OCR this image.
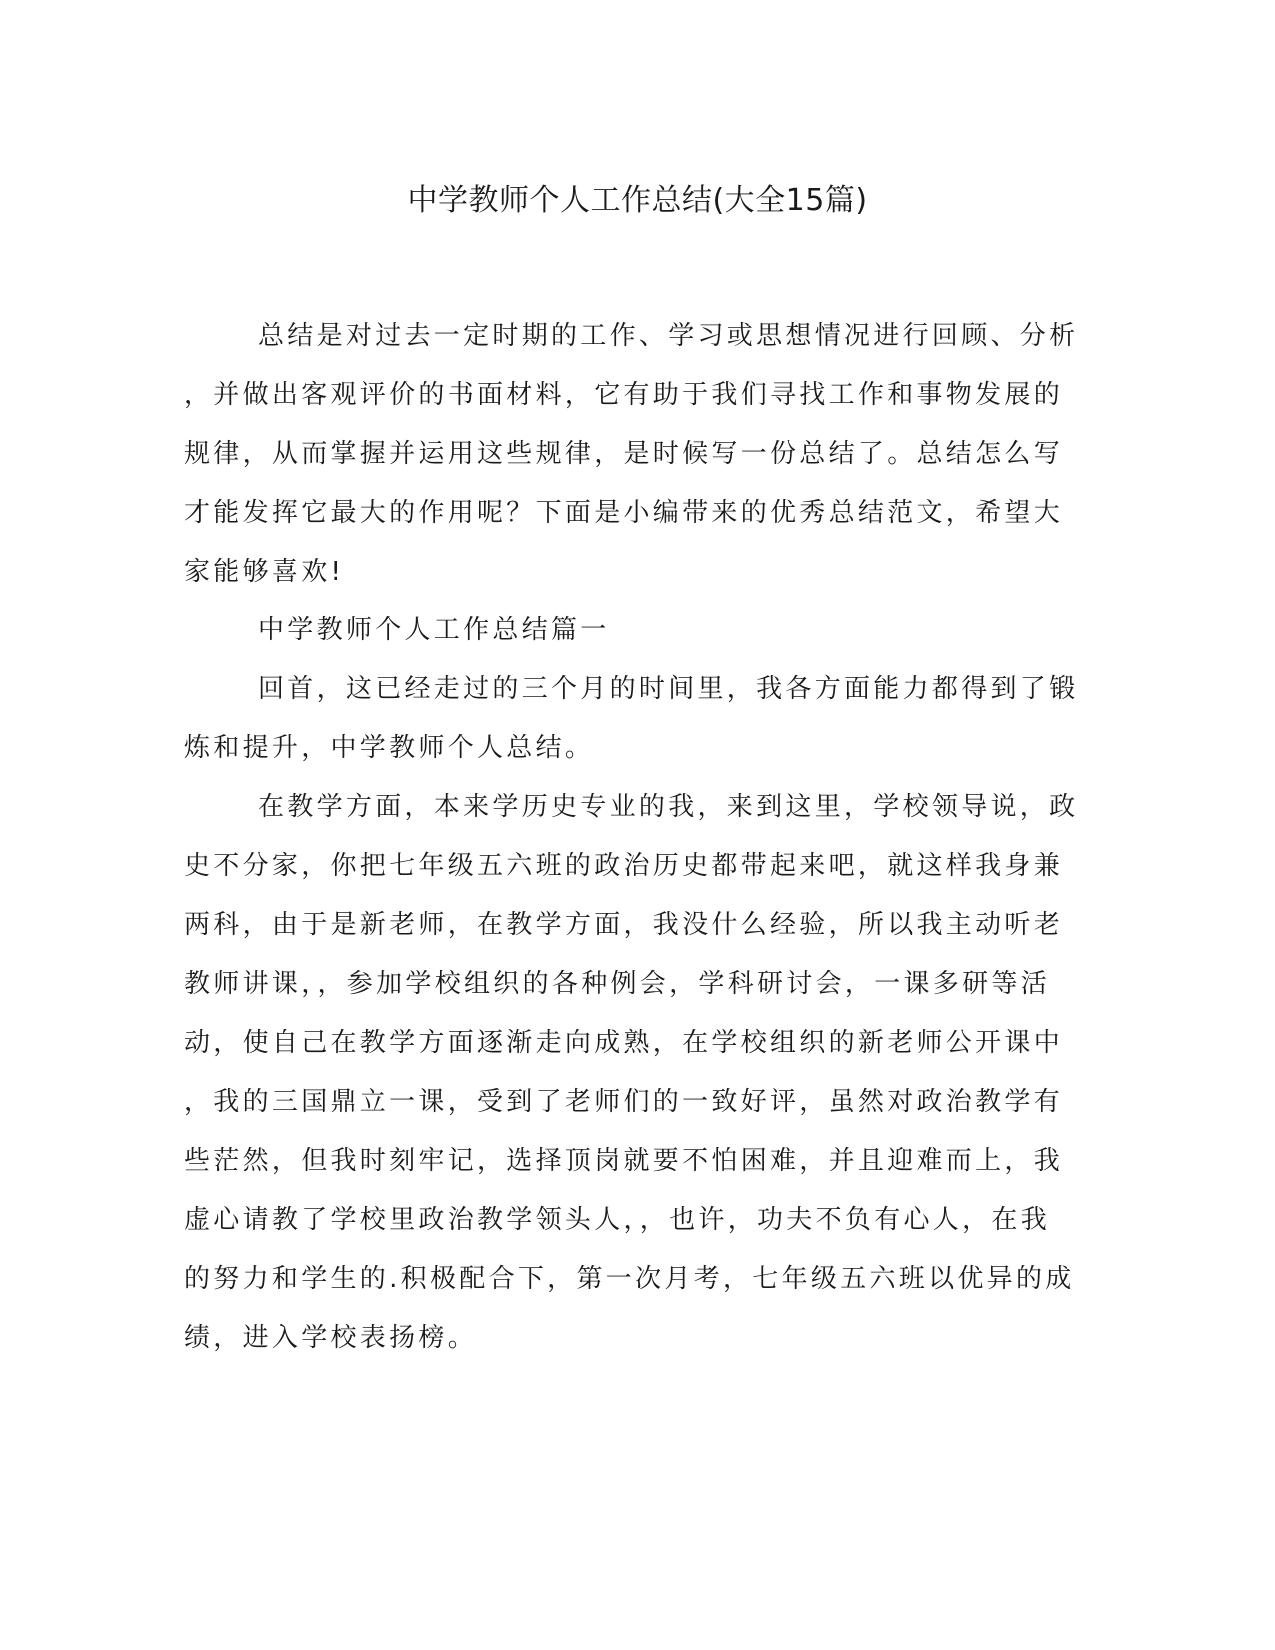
中学教师个人工作总结(大全15篇)
总结是对过去一定时期的工作、学习或思想情况进行回顾、分析
，并做出客观评价的书面材料，它有助于我们寻找工作和事物发展的
规律，从而掌握并运用这些规律，是时候写一份总结了。总结怎么写
才能发挥它最大的作用呢？下面是小编带来的优秀总结范文，希望大
家能够喜欢!
中学教师个人工作总结篇一
回首，这已经走过的三个月的时间里，我各方面能力都得到了锻
炼和提升，中学教师个人总结。
在教学方面，本来学历史专业的我，来到这里，学校领导说，政
史不分家，你把七年级五六班的政治历史都带起来吧，就这样我身兼
两科，由于是新老师，在教学方面，我没什么经验，所以我主动听老
教师讲课，，参加学校组织的各种例会，学科研讨会，一课多研等活
动，使自己在教学方面逐渐走向成熟，在学校组织的新老师公开课中
，我的三国鼎立一课，受到了老师们的一致好评，虽然对政治教学有
些茫然，但我时刻牢记，选择顶岗就要不怕困难，并且迎难而上，我
虚心请教了学校里政治教学领头人，，也许，功夫不负有心人，在我
的努力和学生的.积极配合下，第一次月考，七年级五六班以优异的成
绩，进入学校表扬榜。
